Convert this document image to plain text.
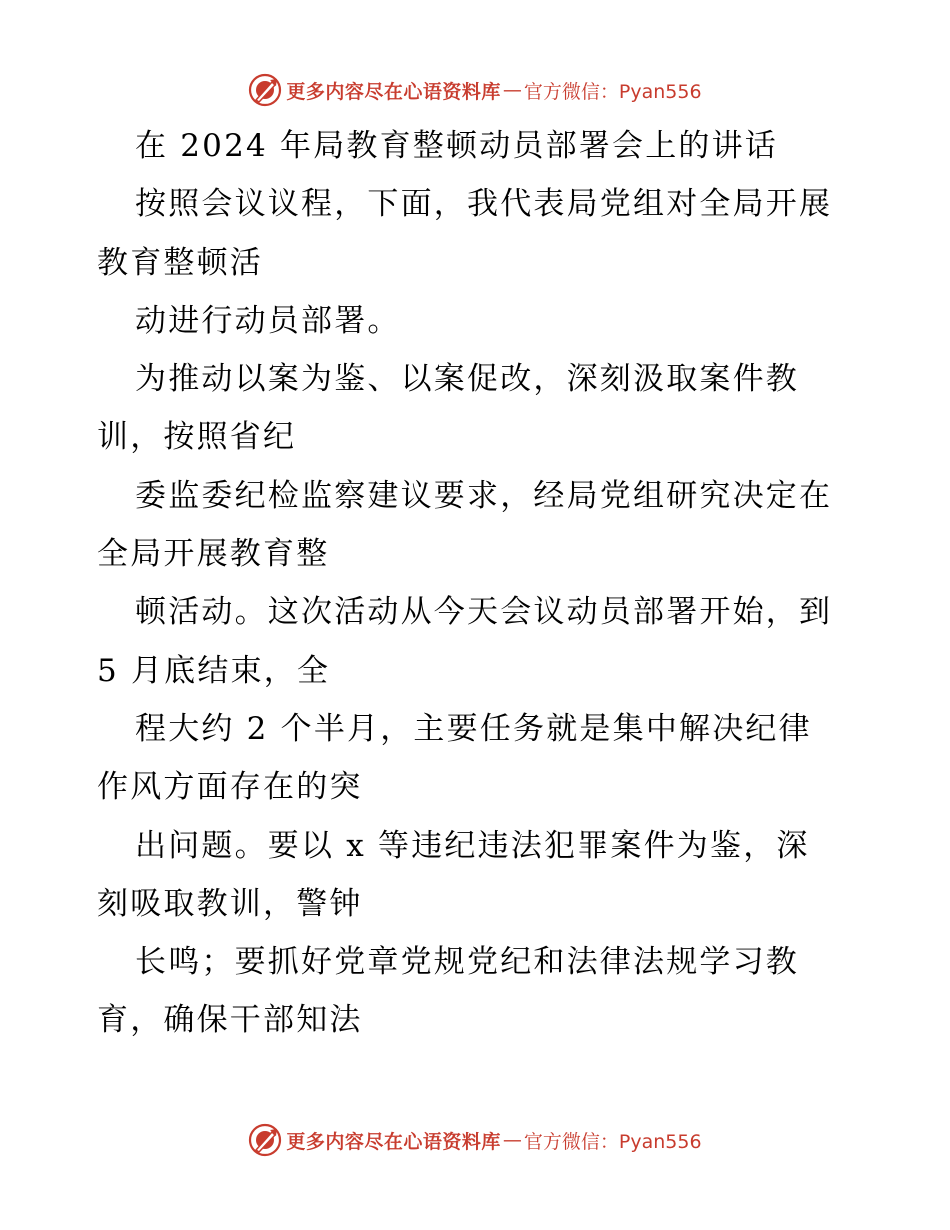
更多内容尽在心语资料库 — 官方微信：Pyan556
在 2024 年局教育整顿动员部署会上的讲话
按照会议议程，下面，我代表局党组对全局开展
教育整顿活
动进行动员部署。
为推动以案为鉴、以案促改，深刻汲取案件教
训，按照省纪
委监委纪检监察建议要求，经局党组研究决定在
全局开展教育整
顿活动。这次活动从今天会议动员部署开始，到
5 月底结束，全
程大约 2 个半月，主要任务就是集中解决纪律
作风方面存在的突
出问题。要以 x 等违纪违法犯罪案件为鉴，深
刻吸取教训，警钟
长鸣；要抓好党章党规党纪和法律法规学习教
育，确保干部知法
更多内容尽在心语资料库 — 官方微信：Pyan556
